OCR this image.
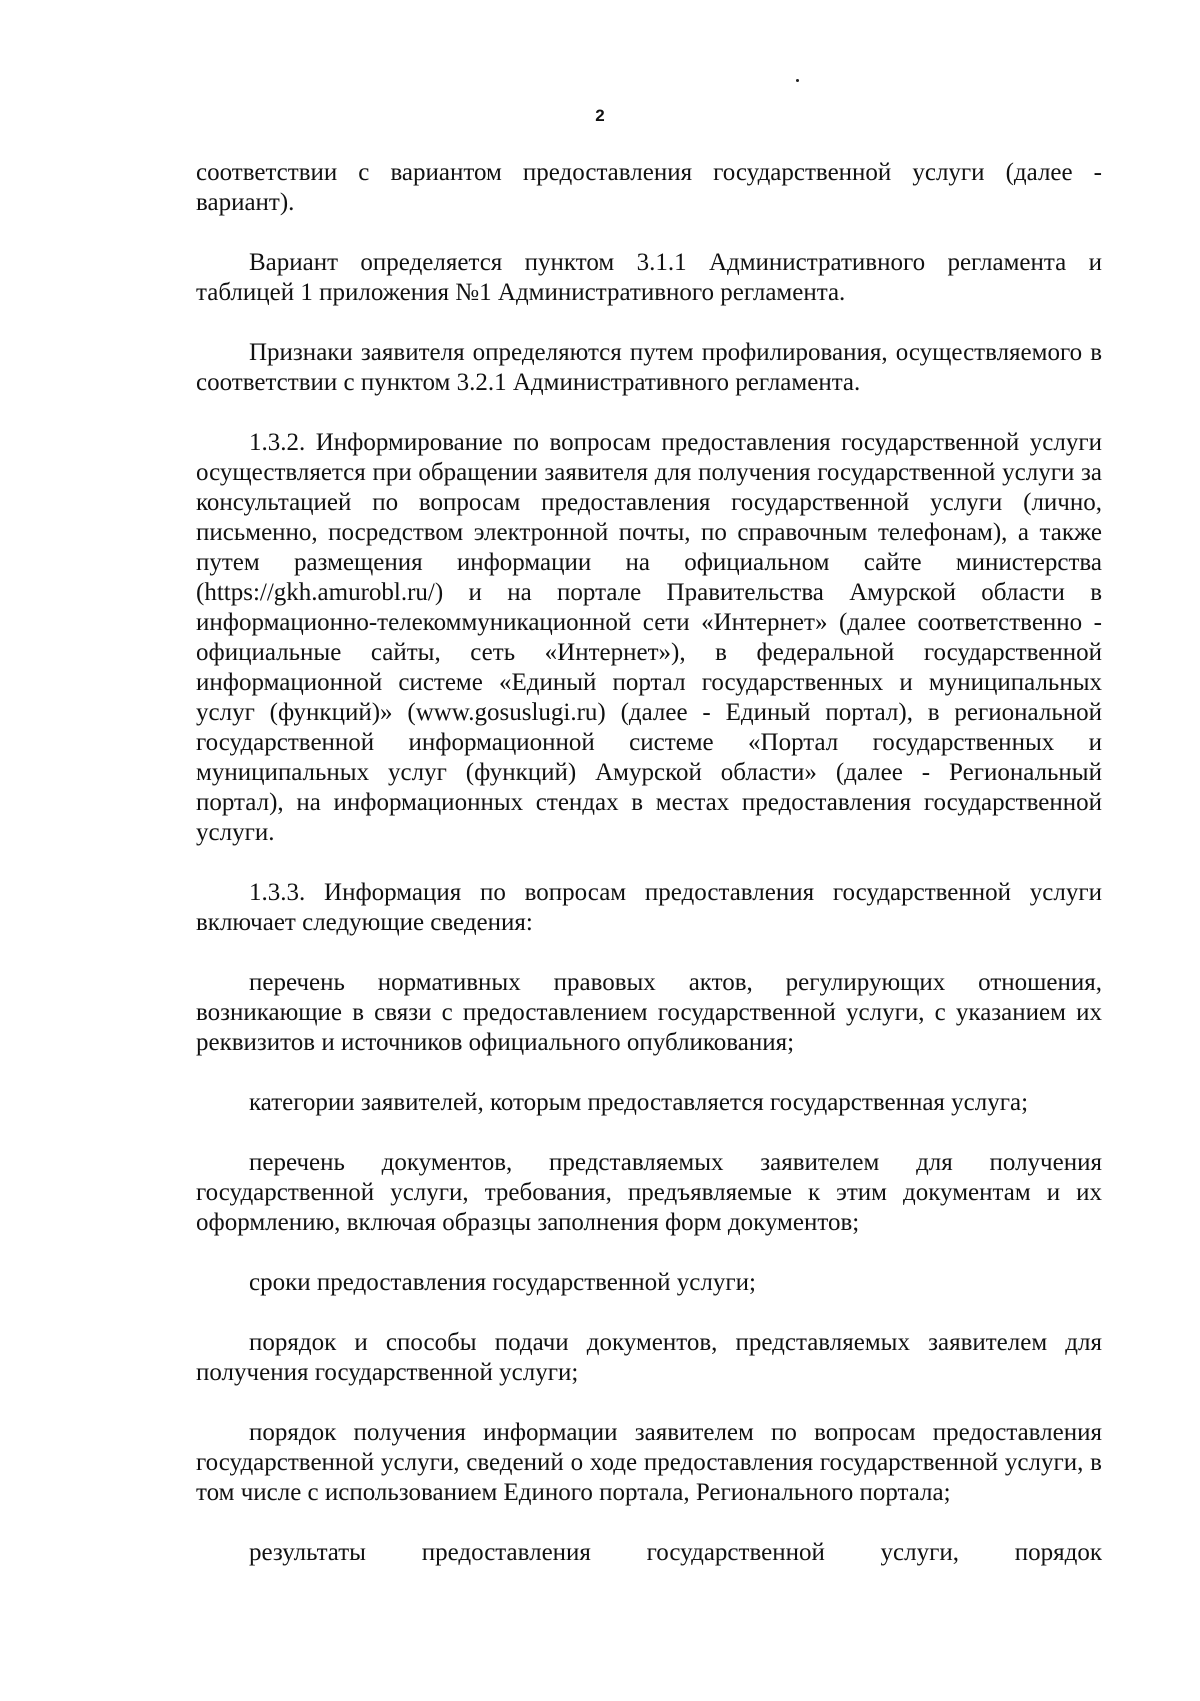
2

соответствии с вариантом предоставления государственной услуги (далее - вариант).

Вариант определяется пунктом 3.1.1 Административного регламента и таблицей 1 приложения №1 Административного регламента.

Признаки заявителя определяются путем профилирования, осуществляемого в соответствии с пунктом 3.2.1 Административного регламента.

1.3.2. Информирование по вопросам предоставления государственной услуги осуществляется при обращении заявителя для получения государственной услуги за консультацией по вопросам предоставления государственной услуги (лично, письменно, посредством электронной почты, по справочным телефонам), а также путем размещения информации на официальном сайте министерства (https://gkh.amurobl.ru/) и на портале Правительства Амурской области в информационно-телекоммуникационной сети «Интернет» (далее соответственно - официальные сайты, сеть «Интернет»), в федеральной государственной информационной системе «Единый портал государственных и муниципальных услуг (функций)» (www.gosuslugi.ru) (далее - Единый портал), в региональной государственной информационной системе «Портал государственных и муниципальных услуг (функций) Амурской области» (далее - Региональный портал), на информационных стендах в местах предоставления государственной услуги.

1.3.3. Информация по вопросам предоставления государственной услуги включает следующие сведения:

перечень нормативных правовых актов, регулирующих отношения, возникающие в связи с предоставлением государственной услуги, с указанием их реквизитов и источников официального опубликования;

категории заявителей, которым предоставляется государственная услуга;

перечень документов, представляемых заявителем для получения государственной услуги, требования, предъявляемые к этим документам и их оформлению, включая образцы заполнения форм документов;

сроки предоставления государственной услуги;

порядок и способы подачи документов, представляемых заявителем для получения государственной услуги;

порядок получения информации заявителем по вопросам предоставления государственной услуги, сведений о ходе предоставления государственной услуги, в том числе с использованием Единого портала, Регионального портала;

результаты предоставления государственной услуги, порядок
